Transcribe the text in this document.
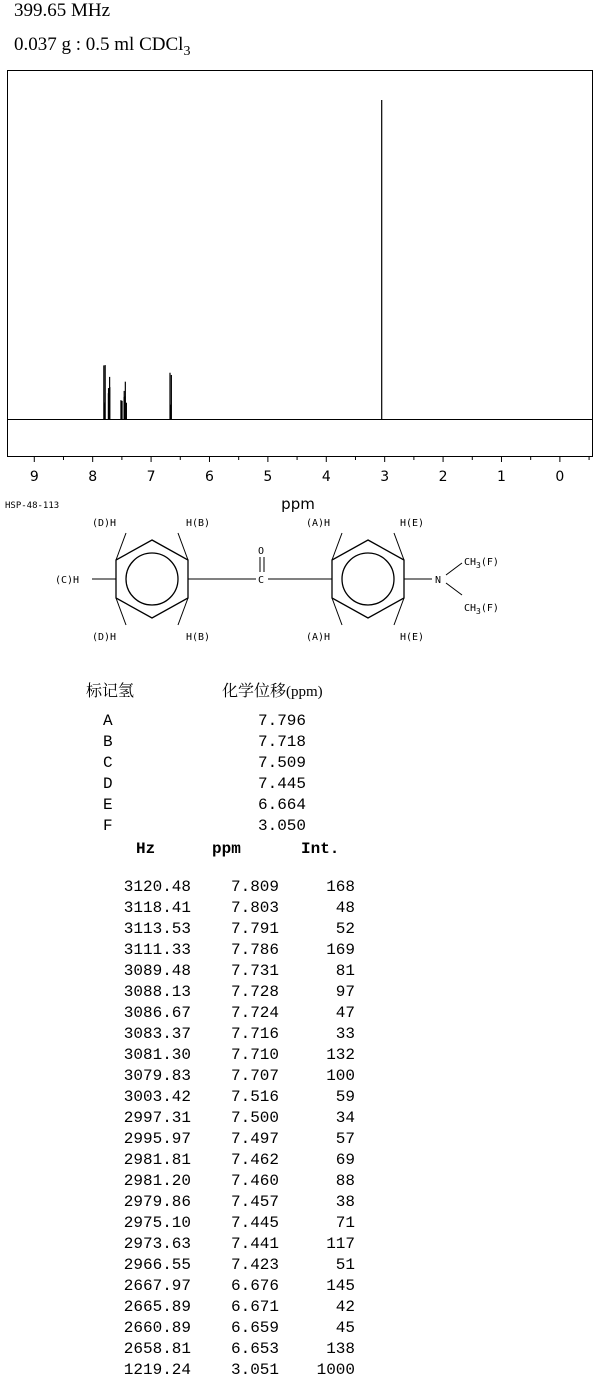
399.65 MHz
0.037 g : 0.5 ml CDCl$_3$
9	8	7	6	5	4	3	2	1	0
ppm
HSP-48-113
(D)H	H(B)	(A)H	H(E)
(C)H
(D)H	H(B)	(A)H	H(E)
O
C	N
$CH_3(F)$
$CH_3(F)$
标记氢	化学位移(ppm)
A	7.796
B	7.718
C	7.509
D	7.445
E	6.664
F	3.050
Hz	ppm	Int.
3120.48	7.809	168
3118.41	7.803	48
3113.53	7.791	52
3111.33	7.786	169
3089.48	7.731	81
3088.13	7.728	97
3086.67	7.724	47
3083.37	7.716	33
3081.30	7.710	132
3079.83	7.707	100
3003.42	7.516	59
2997.31	7.500	34
2995.97	7.497	57
2981.81	7.462	69
2981.20	7.460	88
2979.86	7.457	38
2975.10	7.445	71
2973.63	7.441	117
2966.55	7.423	51
2667.97	6.676	145
2665.89	6.671	42
2660.89	6.659	45
2658.81	6.653	138
1219.24	3.051	1000
